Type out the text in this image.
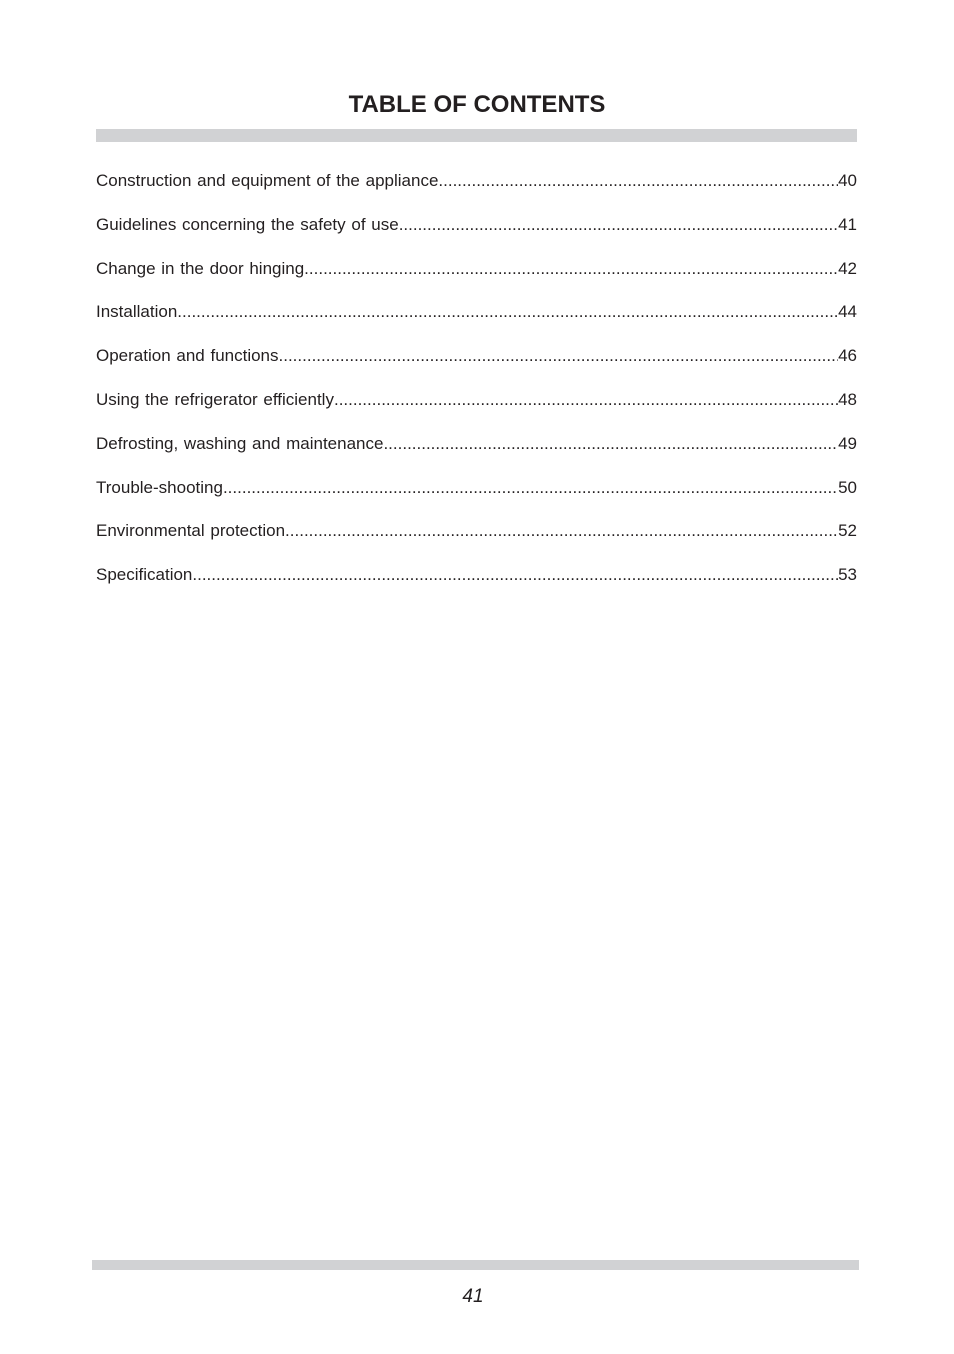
TABLE OF CONTENTS
Construction and equipment of the appliance .....	40
Guidelines concerning the safety of use .....	41
Change in the door hinging .....	42
Installation .....	44
Operation and functions .....	46
Using the refrigerator efficiently .....	48
Defrosting, washing and maintenance .....	49
Trouble-shooting .....	50
Environmental protection .....	52
Specification .....	53
41
